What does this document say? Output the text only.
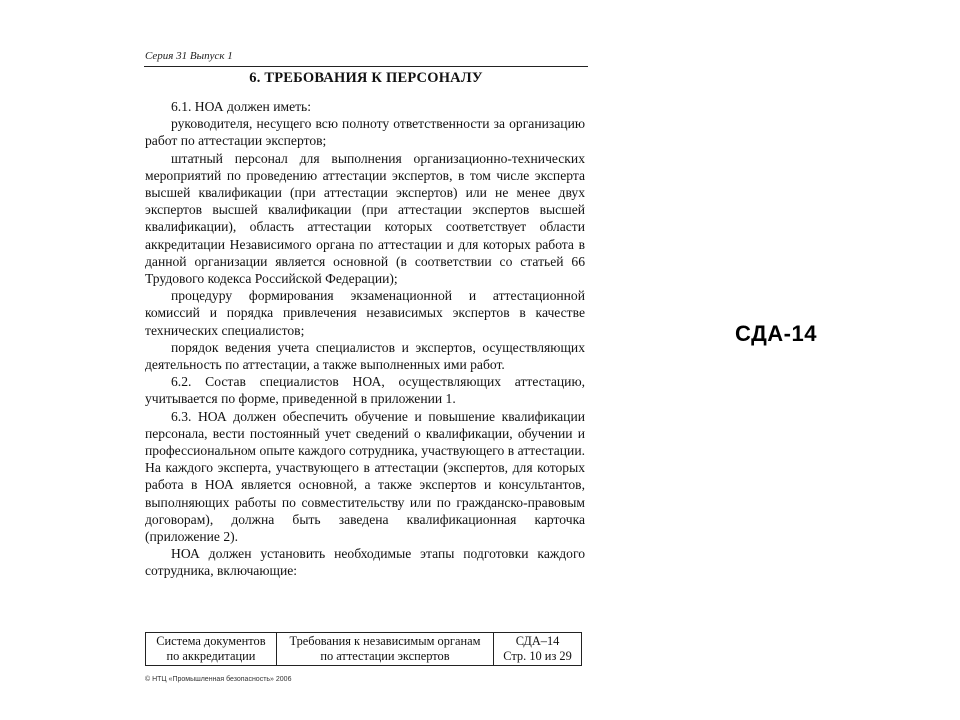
Серия 31 Выпуск 1
6. ТРЕБОВАНИЯ К ПЕРСОНАЛУ

6.1. НОА должен иметь:

руководителя, несущего всю полноту ответственности за организацию работ по аттестации экспертов;

штатный персонал для выполнения организационно-технических мероприятий по проведению аттестации экспертов, в том числе эксперта высшей квалификации (при аттестации экспертов) или не менее двух экспертов высшей квалификации (при аттестации экспертов высшей квалификации), область аттестации которых соответствует области аккредитации Независимого органа по аттестации и для которых работа в данной организации является основной (в соответствии со статьей 66 Трудового кодекса Российской Федерации);

процедуру формирования экзаменационной и аттестационной комиссий и порядка привлечения независимых экспертов в качестве технических специалистов;

порядок ведения учета специалистов и экспертов, осуществляющих деятельность по аттестации, а также выполненных ими работ.

6.2. Состав специалистов НОА, осуществляющих аттестацию, учитывается по форме, приведенной в приложении 1.

6.3. НОА должен обеспечить обучение и повышение квалификации персонала, вести постоянный учет сведений о квалификации, обучении и профессиональном опыте каждого сотрудника, участвующего в аттестации. На каждого эксперта, участвующего в аттестации (экспертов, для которых работа в НОА является основной, а также экспертов и консультантов, выполняющих работы по совместительству или по гражданско-правовым договорам), должна быть заведена квалификационная карточка (приложение 2).

НОА должен установить необходимые этапы подготовки каждого сотрудника, включающие:

Система документов
по аккредитации

Требования к независимым органам
по аттестации экспертов

СДА–14
Стр. 10 из 29
© НТЦ «Промышленная безопасность» 2006
СДА-14
